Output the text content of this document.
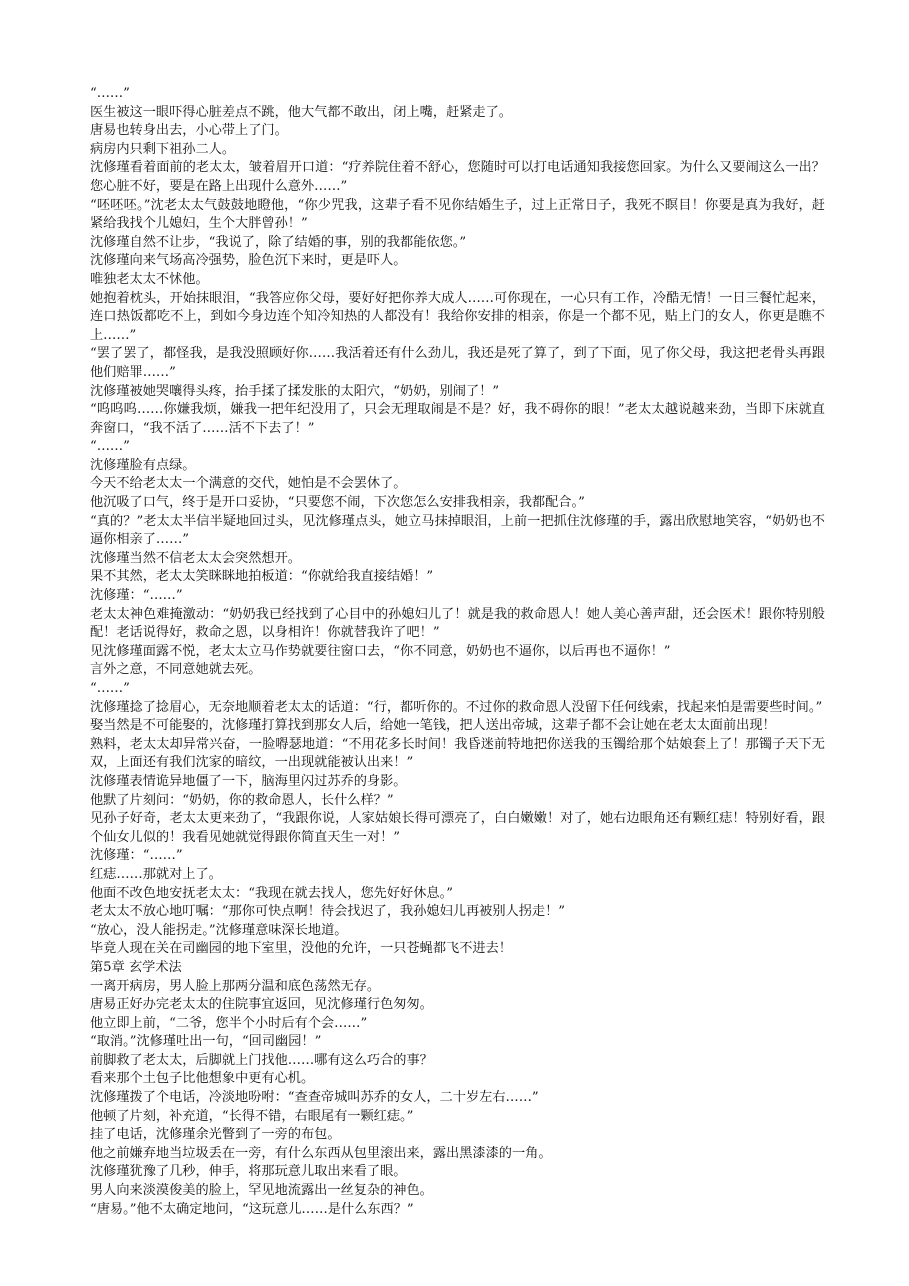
“……”

医生被这一眼吓得心脏差点不跳，他大气都不敢出，闭上嘴，赶紧走了。

唐易也转身出去，小心带上了门。

病房内只剩下祖孙二人。

沈修瑾看着面前的老太太，皱着眉开口道：“疗养院住着不舒心，您随时可以打电话通知我接您回家。为什么又要闹这么一出？您心脏不好，要是在路上出现什么意外……”

“呸呸呸。”沈老太太气鼓鼓地瞪他，“你少咒我，这辈子看不见你结婚生子，过上正常日子，我死不瞑目！你要是真为我好，赶紧给我找个儿媳妇，生个大胖曾孙！”

沈修瑾自然不让步，“我说了，除了结婚的事，别的我都能依您。”

沈修瑾向来气场高冷强势，脸色沉下来时，更是吓人。

唯独老太太不怵他。

她抱着枕头，开始抹眼泪，“我答应你父母，要好好把你养大成人……可你现在，一心只有工作，冷酷无情！一日三餐忙起来，连口热饭都吃不上，到如今身边连个知冷知热的人都没有！我给你安排的相亲，你是一个都不见，贴上门的女人，你更是瞧不上……”

“罢了罢了，都怪我，是我没照顾好你……我活着还有什么劲儿，我还是死了算了，到了下面，见了你父母，我这把老骨头再跟他们赔罪……”

沈修瑾被她哭嚷得头疼，抬手揉了揉发胀的太阳穴，“奶奶，别闹了！”

“呜呜呜……你嫌我烦，嫌我一把年纪没用了，只会无理取闹是不是？好，我不碍你的眼！”老太太越说越来劲，当即下床就直奔窗口，“我不活了……活不下去了！”

“……”

沈修瑾脸有点绿。

今天不给老太太一个满意的交代，她怕是不会罢休了。

他沉吸了口气，终于是开口妥协，“只要您不闹，下次您怎么安排我相亲，我都配合。”

“真的？”老太太半信半疑地回过头，见沈修瑾点头，她立马抹掉眼泪，上前一把抓住沈修瑾的手，露出欣慰地笑容，“奶奶也不逼你相亲了……”

沈修瑾当然不信老太太会突然想开。

果不其然，老太太笑眯眯地拍板道：“你就给我直接结婚！”

沈修瑾：“……”

老太太神色难掩激动：“奶奶我已经找到了心目中的孙媳妇儿了！就是我的救命恩人！她人美心善声甜，还会医术！跟你特别般配！老话说得好，救命之恩，以身相许！你就替我许了吧！”

见沈修瑾面露不悦，老太太立马作势就要往窗口去，“你不同意，奶奶也不逼你，以后再也不逼你！”

言外之意，不同意她就去死。

“……”

沈修瑾捻了捻眉心，无奈地顺着老太太的话道：“行，都听你的。不过你的救命恩人没留下任何线索，找起来怕是需要些时间。”

娶当然是不可能娶的，沈修瑾打算找到那女人后，给她一笔钱，把人送出帝城，这辈子都不会让她在老太太面前出现！

熟料，老太太却异常兴奋，一脸嘚瑟地道：“不用花多长时间！我昏迷前特地把你送我的玉镯给那个姑娘套上了！那镯子天下无双，上面还有我们沈家的暗纹，一出现就能被认出来！”

沈修瑾表情诡异地僵了一下，脑海里闪过苏乔的身影。

他默了片刻问：“奶奶，你的救命恩人，长什么样？”

见孙子好奇，老太太更来劲了，“我跟你说，人家姑娘长得可漂亮了，白白嫩嫩！对了，她右边眼角还有颗红痣！特别好看，跟个仙女儿似的！我看见她就觉得跟你简直天生一对！”

沈修瑾：“……”

红痣……那就对上了。

他面不改色地安抚老太太：“我现在就去找人，您先好好休息。”

老太太不放心地叮嘱：“那你可快点啊！待会找迟了，我孙媳妇儿再被别人拐走！”

“放心，没人能拐走。”沈修瑾意味深长地道。

毕竟人现在关在司幽园的地下室里，没他的允许，一只苍蝇都飞不进去！

第5章 玄学术法

一离开病房，男人脸上那两分温和底色荡然无存。

唐易正好办完老太太的住院事宜返回，见沈修瑾行色匆匆。

他立即上前，“二爷，您半个小时后有个会……”

“取消。”沈修瑾吐出一句，“回司幽园！”

前脚救了老太太，后脚就上门找他……哪有这么巧合的事？

看来那个土包子比他想象中更有心机。

沈修瑾拨了个电话，冷淡地吩咐：“查查帝城叫苏乔的女人，二十岁左右……”

他顿了片刻，补充道，“长得不错，右眼尾有一颗红痣。”

挂了电话，沈修瑾余光瞥到了一旁的布包。

他之前嫌弃地当垃圾丢在一旁，有什么东西从包里滚出来，露出黑漆漆的一角。

沈修瑾犹豫了几秒，伸手，将那玩意儿取出来看了眼。

男人向来淡漠俊美的脸上，罕见地流露出一丝复杂的神色。

“唐易。”他不太确定地问，“这玩意儿……是什么东西？”
